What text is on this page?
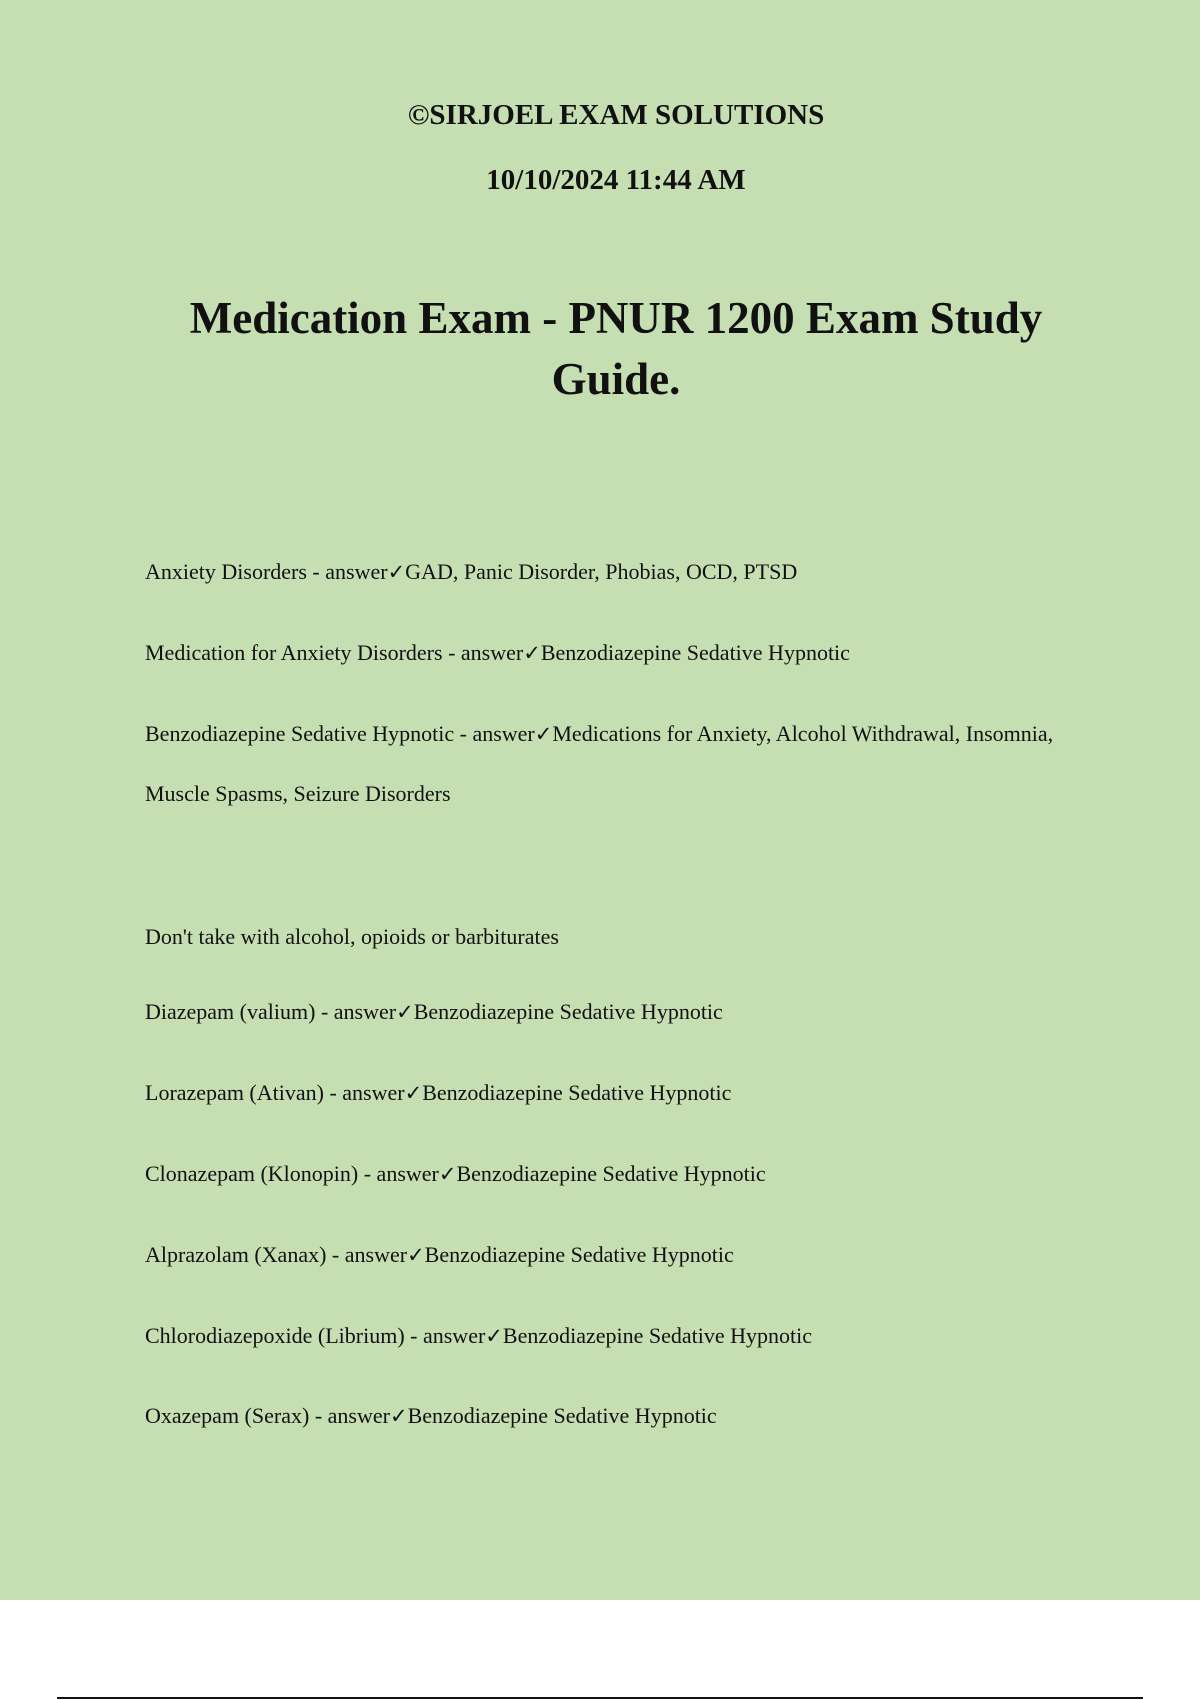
©SIRJOEL EXAM SOLUTIONS

10/10/2024 11:44 AM

Medication Exam - PNUR 1200 Exam Study Guide.

Anxiety Disorders - answer✓GAD, Panic Disorder, Phobias, OCD, PTSD

Medication for Anxiety Disorders - answer✓Benzodiazepine Sedative Hypnotic

Benzodiazepine Sedative Hypnotic - answer✓Medications for Anxiety, Alcohol Withdrawal, Insomnia, Muscle Spasms, Seizure Disorders

Don't take with alcohol, opioids or barbiturates

Diazepam (valium) - answer✓Benzodiazepine Sedative Hypnotic

Lorazepam (Ativan) - answer✓Benzodiazepine Sedative Hypnotic

Clonazepam (Klonopin) - answer✓Benzodiazepine Sedative Hypnotic

Alprazolam (Xanax) - answer✓Benzodiazepine Sedative Hypnotic

Chlorodiazepoxide (Librium) - answer✓Benzodiazepine Sedative Hypnotic

Oxazepam (Serax) - answer✓Benzodiazepine Sedative Hypnotic
